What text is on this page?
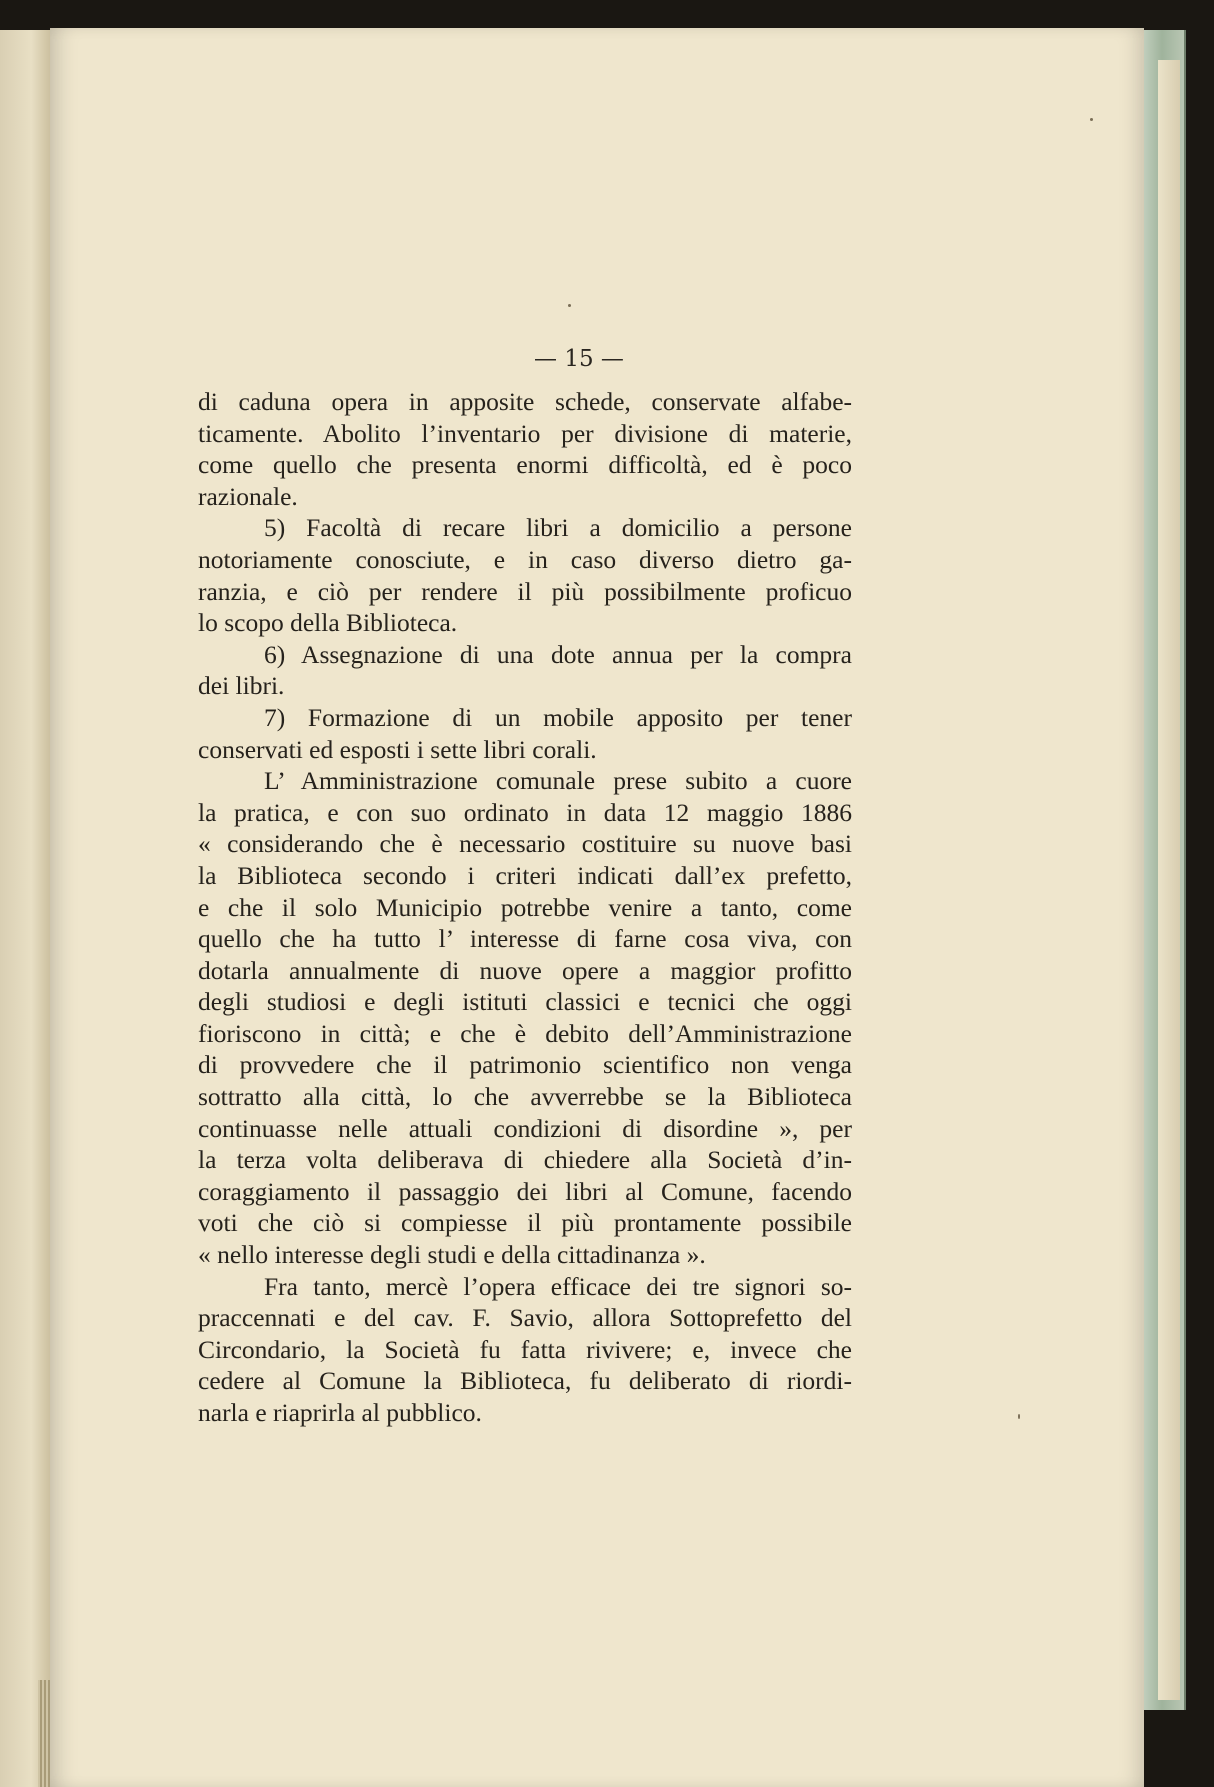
— 15 —
di caduna opera in apposite schede, conservate alfabe-
ticamente. Abolito l’inventario per divisione di materie,
come quello che presenta enormi difficoltà, ed è poco
razionale.
5) Facoltà di recare libri a domicilio a persone
notoriamente conosciute, e in caso diverso dietro ga-
ranzia, e ciò per rendere il più possibilmente proficuo
lo scopo della Biblioteca.
6) Assegnazione di una dote annua per la compra
dei libri.
7) Formazione di un mobile apposito per tener
conservati ed esposti i sette libri corali.
L’ Amministrazione comunale prese subito a cuore
la pratica, e con suo ordinato in data 12 maggio 1886
« considerando che è necessario costituire su nuove basi
la Biblioteca secondo i criteri indicati dall’ex prefetto,
e che il solo Municipio potrebbe venire a tanto, come
quello che ha tutto l’ interesse di farne cosa viva, con
dotarla annualmente di nuove opere a maggior profitto
degli studiosi e degli istituti classici e tecnici che oggi
fioriscono in città; e che è debito dell’Amministrazione
di provvedere che il patrimonio scientifico non venga
sottratto alla città, lo che avverrebbe se la Biblioteca
continuasse nelle attuali condizioni di disordine », per
la terza volta deliberava di chiedere alla Società d’in-
coraggiamento il passaggio dei libri al Comune, facendo
voti che ciò si compiesse il più prontamente possibile
« nello interesse degli studi e della cittadinanza ».
Fra tanto, mercè l’opera efficace dei tre signori so-
praccennati e del cav. F. Savio, allora Sottoprefetto del
Circondario, la Società fu fatta rivivere; e, invece che
cedere al Comune la Biblioteca, fu deliberato di riordi-
narla e riaprirla al pubblico.
